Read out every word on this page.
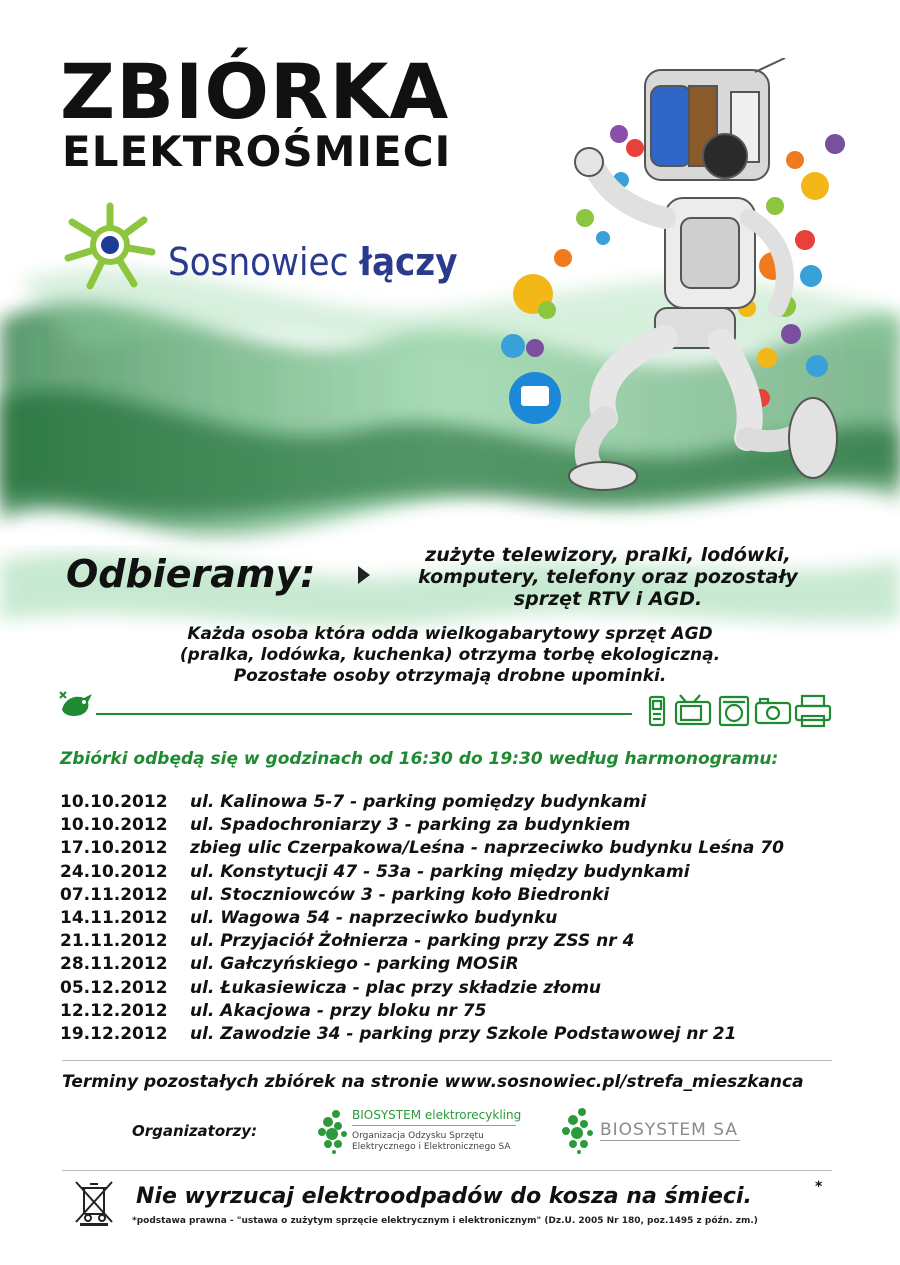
ZBIÓRKA
ELEKTROŚMIECI
Sosnowiec łączy
Odbieramy:	zużyte telewizory, pralki, lodówki,
komputery, telefony oraz pozostały
sprzęt RTV i AGD.
Każda osoba która odda wielkogabarytowy sprzęt AGD
(pralka, lodówka, kuchenka) otrzyma torbę ekologiczną.
Pozostałe osoby otrzymają drobne upominki.
Zbiórki odbędą się w godzinach od 16:30 do 19:30 według harmonogramu:
10.10.2012 ul. Kalinowa 5-7 - parking pomiędzy budynkami
10.10.2012 ul. Spadochroniarzy 3 - parking za budynkiem
17.10.2012 zbieg ulic Czerpakowa/Leśna - naprzeciwko budynku Leśna 70
24.10.2012 ul. Konstytucji 47 - 53a - parking między budynkami
07.11.2012 ul. Stoczniowców 3 - parking koło Biedronki
14.11.2012 ul. Wagowa 54 - naprzeciwko budynku
21.11.2012 ul. Przyjaciół Żołnierza - parking przy ZSS nr 4
28.11.2012 ul. Gałczyńskiego - parking MOSiR
05.12.2012 ul. Łukasiewicza - plac przy składzie złomu
12.12.2012 ul. Akacjowa - przy bloku nr 75
19.12.2012 ul. Zawodzie 34 - parking przy Szkole Podstawowej nr 21
Terminy pozostałych zbiórek na stronie www.sosnowiec.pl/strefa_mieszkanca
Organizatorzy:
BIOSYSTEM elektrorecykling
Organizacja Odzysku Sprzętu
Elektrycznego i Elektronicznego SA
BIOSYSTEM SA
Nie wyrzucaj elektroodpadów do kosza na śmieci.	*
*podstawa prawna - "ustawa o zużytym sprzęcie elektrycznym i elektronicznym" (Dz.U. 2005 Nr 180, poz.1495 z późn. zm.)
